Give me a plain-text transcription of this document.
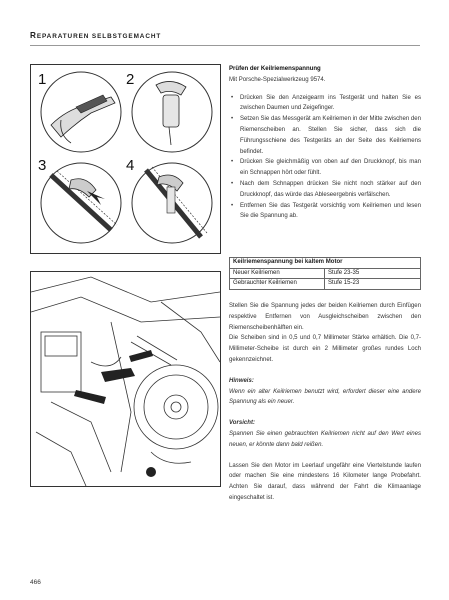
REPARATUREN SELBSTGEMACHT
1	2
3	4

Prüfen der Keilriemenspannung

Mit Porsche-Spezialwerkzeug 9574.

• Drücken Sie den Anzeigearm ins Testgerät und halten Sie es zwischen Daumen und Zeigefinger.
• Setzen Sie das Messgerät am Keilriemen in der Mitte zwischen den Riemenscheiben an. Stellen Sie sicher, dass sich die Führungsschiene des Testgeräts an der Seite des Keilriemens befindet.
• Drücken Sie gleichmäßig von oben auf den Druckknopf, bis man ein Schnappen hört oder fühlt.
• Nach dem Schnappen drücken Sie nicht noch stärker auf den Druckknopf, das würde das Ableseergebnis verfälschen.
• Entfernen Sie das Testgerät vorsichtig vom Keilriemen und lesen Sie die Spannung ab.
Keilriemenspannung bei kaltem Motor	
Neuer Keilriemen	Stufe 23-35
Gebrauchter Keilriemen	Stufe 15-23

Stellen Sie die Spannung jedes der beiden Keilriemen durch Einfügen respektive Entfernen von Ausgleichscheiben zwischen den Riemenscheibenhälften ein.

Die Scheiben sind in 0,5 und 0,7 Millimeter Stärke erhältich. Die 0,7-Millimeter-Scheibe ist durch ein 2 Millimeter großes rundes Loch gekennzeichnet.

Hinweis:

Wenn ein alter Keilriemen benutzt wird, erfordert dieser eine andere Spannung als ein neuer.

Vorsicht:

Spannen Sie einen gebrauchten Keilriemen nicht auf den Wert eines neuen, er könnte dann bald reißen.

Lassen Sie den Motor im Leerlauf ungefähr eine Viertelstunde laufen oder machen Sie eine mindestens 16 Kilometer lange Probefahrt. Achten Sie darauf, dass während der Fahrt die Klimaanlage eingeschaltet ist.

466
